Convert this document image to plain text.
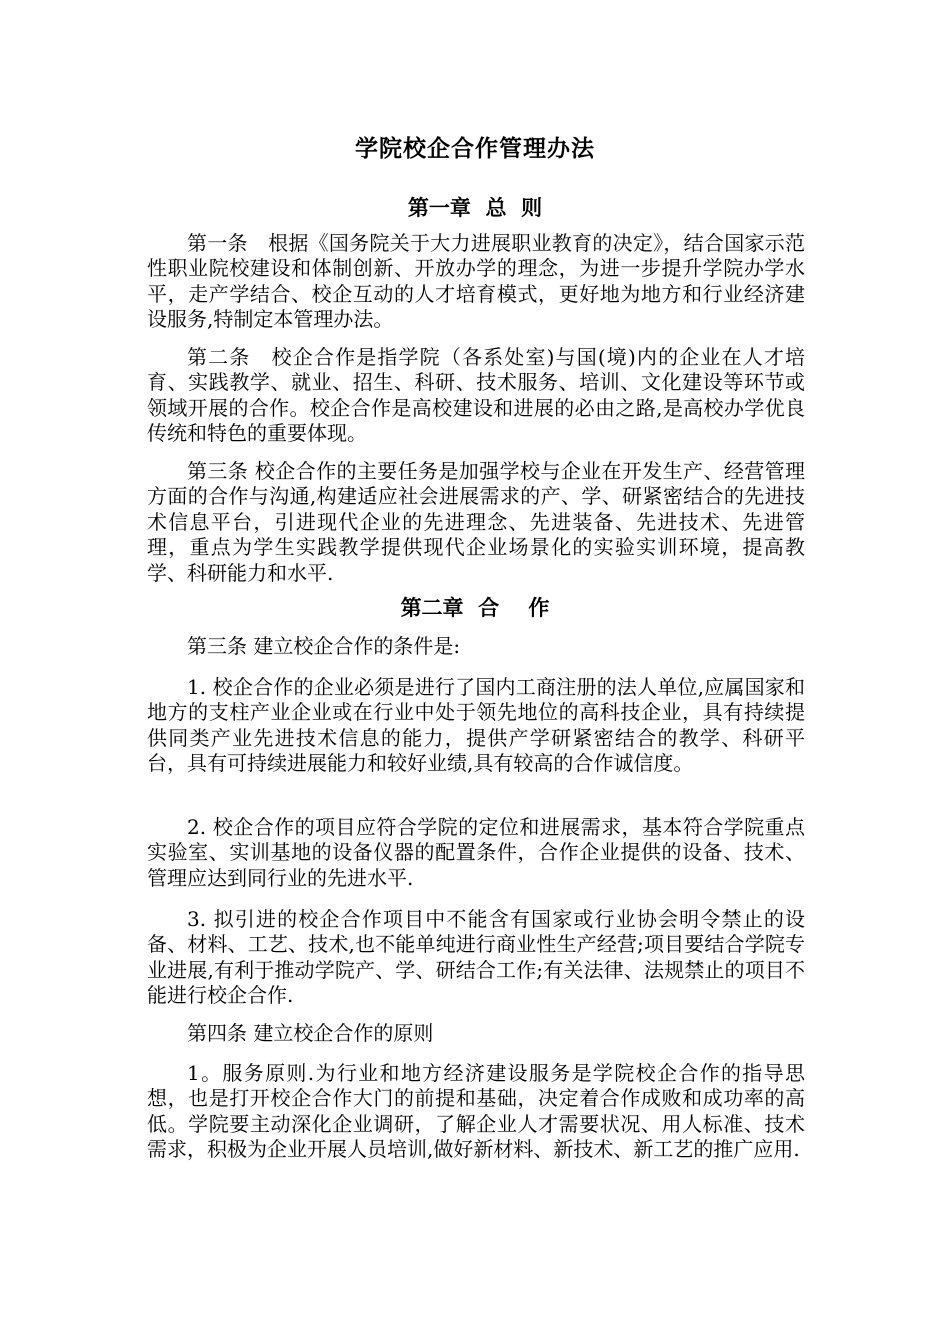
学院校企合作管理办法
第一章  总  则

第一条　根据《国务院关于大力进展职业教育的决定》，结合国家示范性职业院校建设和体制创新、开放办学的理念，为进一步提升学院办学水平，走产学结合、校企互动的人才培育模式，更好地为地方和行业经济建设服务,特制定本管理办法。

第二条　校企合作是指学院（各系处室)与国(境)内的企业在人才培育、实践教学、就业、招生、科研、技术服务、培训、文化建设等环节或领域开展的合作。校企合作是高校建设和进展的必由之路,是高校办学优良传统和特色的重要体现。

第三条 校企合作的主要任务是加强学校与企业在开发生产、经营管理方面的合作与沟通,构建适应社会进展需求的产、学、研紧密结合的先进技术信息平台，引进现代企业的先进理念、先进装备、先进技术、先进管理，重点为学生实践教学提供现代企业场景化的实验实训环境，提高教学、科研能力和水平.

第二章  合    作

第三条 建立校企合作的条件是:

1. 校企合作的企业必须是进行了国内工商注册的法人单位,应属国家和地方的支柱产业企业或在行业中处于领先地位的高科技企业，具有持续提供同类产业先进技术信息的能力，提供产学研紧密结合的教学、科研平台，具有可持续进展能力和较好业绩,具有较高的合作诚信度。

2. 校企合作的项目应符合学院的定位和进展需求，基本符合学院重点实验室、实训基地的设备仪器的配置条件，合作企业提供的设备、技术、管理应达到同行业的先进水平.

3. 拟引进的校企合作项目中不能含有国家或行业协会明令禁止的设备、材料、工艺、技术,也不能单纯进行商业性生产经营;项目要结合学院专业进展,有利于推动学院产、学、研结合工作;有关法律、法规禁止的项目不能进行校企合作.

第四条 建立校企合作的原则

1。服务原则.为行业和地方经济建设服务是学院校企合作的指导思想，也是打开校企合作大门的前提和基础，决定着合作成败和成功率的高低。学院要主动深化企业调研，了解企业人才需要状况、用人标准、技术需求，积极为企业开展人员培训,做好新材料、新技术、新工艺的推广应用.
